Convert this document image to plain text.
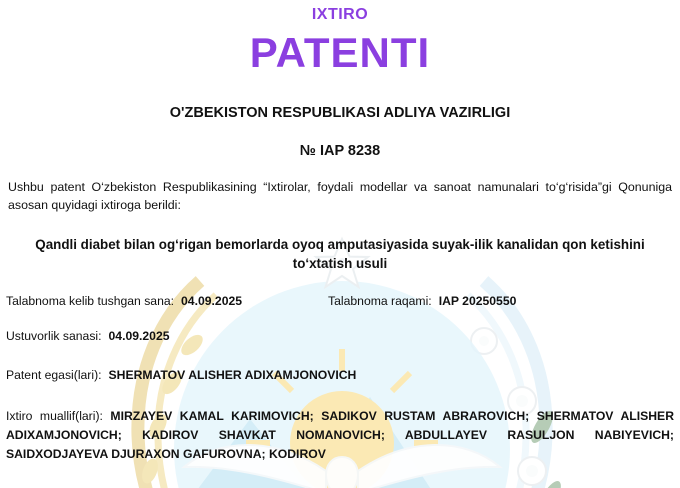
IXTIRO
PATENTI
O'ZBEKISTON RESPUBLIKASI ADLIYA VAZIRLIGI
№ IAP 8238
Ushbu patent O‘zbekiston Respublikasining “Ixtirolar, foydali modellar va sanoat namunalari to‘g‘risida”gi Qonuniga asosan quyidagi ixtiroga berildi:
Qandli diabet bilan og‘rigan bemorlarda oyoq amputasiyasida suyak-ilik kanalidan qon ketishini to‘xtatish usuli
Talabnoma kelib tushgan sana: 04.09.2025	Talabnoma raqami: IAP 20250550
Ustuvorlik sanasi: 04.09.2025
Patent egasi(lari): SHERMATOV ALISHER ADIXAMJONOVICH
Ixtiro muallif(lari): MIRZAYEV KAMAL KARIMOVICH; SADIKOV RUSTAM ABRAROVICH; SHERMATOV ALISHER ADIXAMJONOVICH; KADIROV SHAVKAT NOMANOVICH; ABDULLAYEV RASULJON NABIYEVICH; SAIDXODJAYEVA DJURAXON GAFUROVNA; KODIROV
